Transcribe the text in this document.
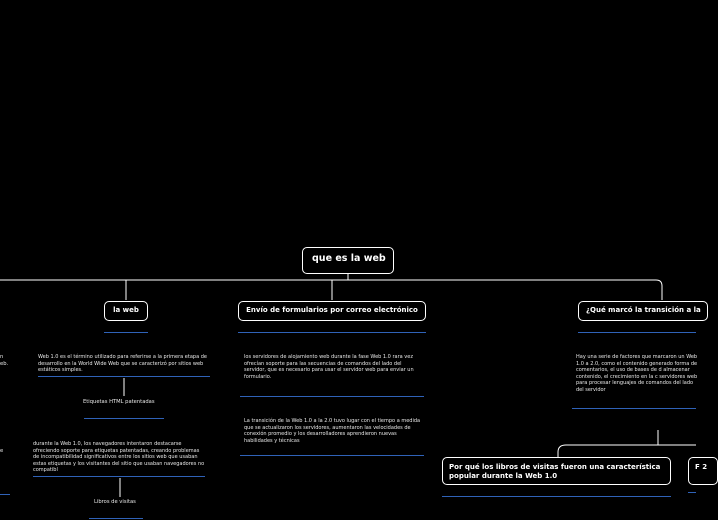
que es la web
la web	Envío de formularios por correo electrónico	¿Qué marcó la transición a la
n
eb.
e
Web 1.0 es el término utilizado para referirse a la primera etapa de desarrollo en la World Wide Web que se caracterizó por sitios web estáticos simples.
Etiquetas HTML patentadas
durante la Web 1.0, los navegadores intentaron destacarse ofreciendo soporte para etiquetas patentadas, creando problemas de incompatibilidad significativos entre los sitios web que usaban estas etiquetas y los visitantes del sitio que usaban navegadores no compatibl
Libros de visitas
los servidores de alojamiento web durante la fase Web 1.0 rara vez ofrecían soporte para las secuencias de comandos del lado del servidor, que es necesario para usar el servidor web para enviar un formulario.
La transición de la Web 1.0 a la 2.0 tuvo lugar con el tiempo a medida que se actualizaron los servidores, aumentaron las velocidades de conexión promedio y los desarrolladores aprendieron nuevas habilidades y técnicas
Hay una serie de factores que marcaron un Web 1.0 a 2.0, como el contenido generado forma de comentarios, el uso de bases de d almacenar contenido, el crecimiento en la c servidores web para procesar lenguajes de comandos del lado del servidor
Por qué los libros de visitas fueron una característica popular durante la Web 1.0
F 2
